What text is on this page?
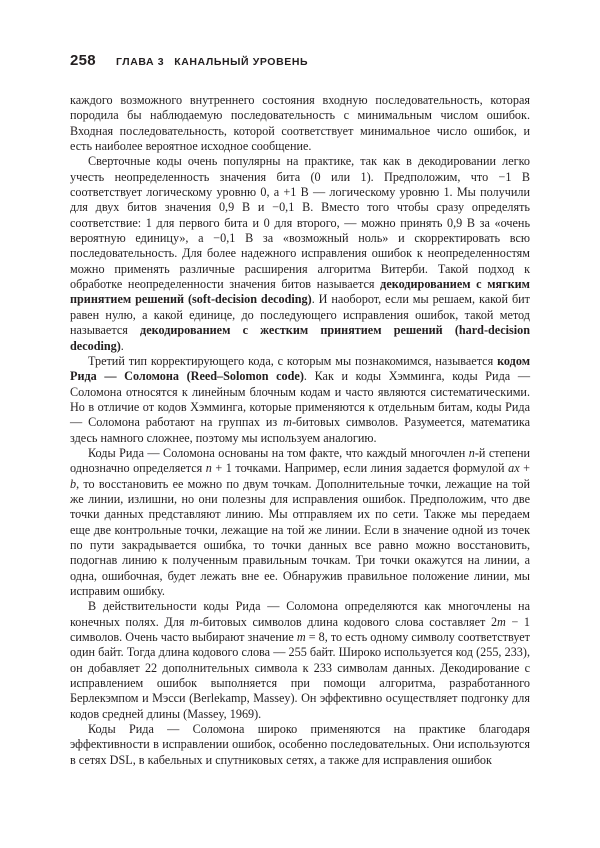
258 ГЛАВА 3 КАНАЛЬНЫЙ УРОВЕНЬ

каждого возможного внутреннего состояния входную последовательность, которая породила бы наблюдаемую последовательность с минимальным числом ошибок. Входная последовательность, которой соответствует минимальное число ошибок, и есть наиболее вероятное исходное сообщение.

Сверточные коды очень популярны на практике, так как в декодировании легко учесть неопределенность значения бита (0 или 1). Предположим, что −1 В соответствует логическому уровню 0, а +1 В — логическому уровню 1. Мы получили для двух битов значения 0,9 В и −0,1 В. Вместо того чтобы сразу определять соответствие: 1 для первого бита и 0 для второго, — можно принять 0,9 В за «очень вероятную единицу», а −0,1 В за «возможный ноль» и скорректировать всю последовательность. Для более надежного исправления ошибок к неопределенностям можно применять различные расширения алгоритма Витерби. Такой подход к обработке неопределенности значения битов называется декодированием с мягким принятием решений (soft-decision decoding). И наоборот, если мы решаем, какой бит равен нулю, а какой единице, до последующего исправления ошибок, такой метод называется декодированием с жестким принятием решений (hard-decision decoding).

Третий тип корректирующего кода, с которым мы познакомимся, называется кодом Рида — Соломона (Reed–Solomon code). Как и коды Хэмминга, коды Рида — Соломона относятся к линейным блочным кодам и часто являются систематическими. Но в отличие от кодов Хэмминга, которые применяются к отдельным битам, коды Рида — Соломона работают на группах из m-битовых символов. Разумеется, математика здесь намного сложнее, поэтому мы используем аналогию.

Коды Рида — Соломона основаны на том факте, что каждый многочлен n-й степени однозначно определяется n + 1 точками. Например, если линия задается формулой ax + b, то восстановить ее можно по двум точкам. Дополнительные точки, лежащие на той же линии, излишни, но они полезны для исправления ошибок. Предположим, что две точки данных представляют линию. Мы отправляем их по сети. Также мы передаем еще две контрольные точки, лежащие на той же линии. Если в значение одной из точек по пути закрадывается ошибка, то точки данных все равно можно восстановить, подогнав линию к полученным правильным точкам. Три точки окажутся на линии, а одна, ошибочная, будет лежать вне ее. Обнаружив правильное положение линии, мы исправим ошибку.

В действительности коды Рида — Соломона определяются как многочлены на конечных полях. Для m-битовых символов длина кодового слова составляет 2m − 1 символов. Очень часто выбирают значение m = 8, то есть одному символу соответствует один байт. Тогда длина кодового слова — 255 байт. Широко используется код (255, 233), он добавляет 22 дополнительных символа к 233 символам данных. Декодирование с исправлением ошибок выполняется при помощи алгоритма, разработанного Берлекэмпом и Мэсси (Berlekamp, Massey). Он эффективно осуществляет подгонку для кодов средней длины (Massey, 1969).

Коды Рида — Соломона широко применяются на практике благодаря эффективности в исправлении ошибок, особенно последовательных. Они используются в сетях DSL, в кабельных и спутниковых сетях, а также для исправления ошибок
